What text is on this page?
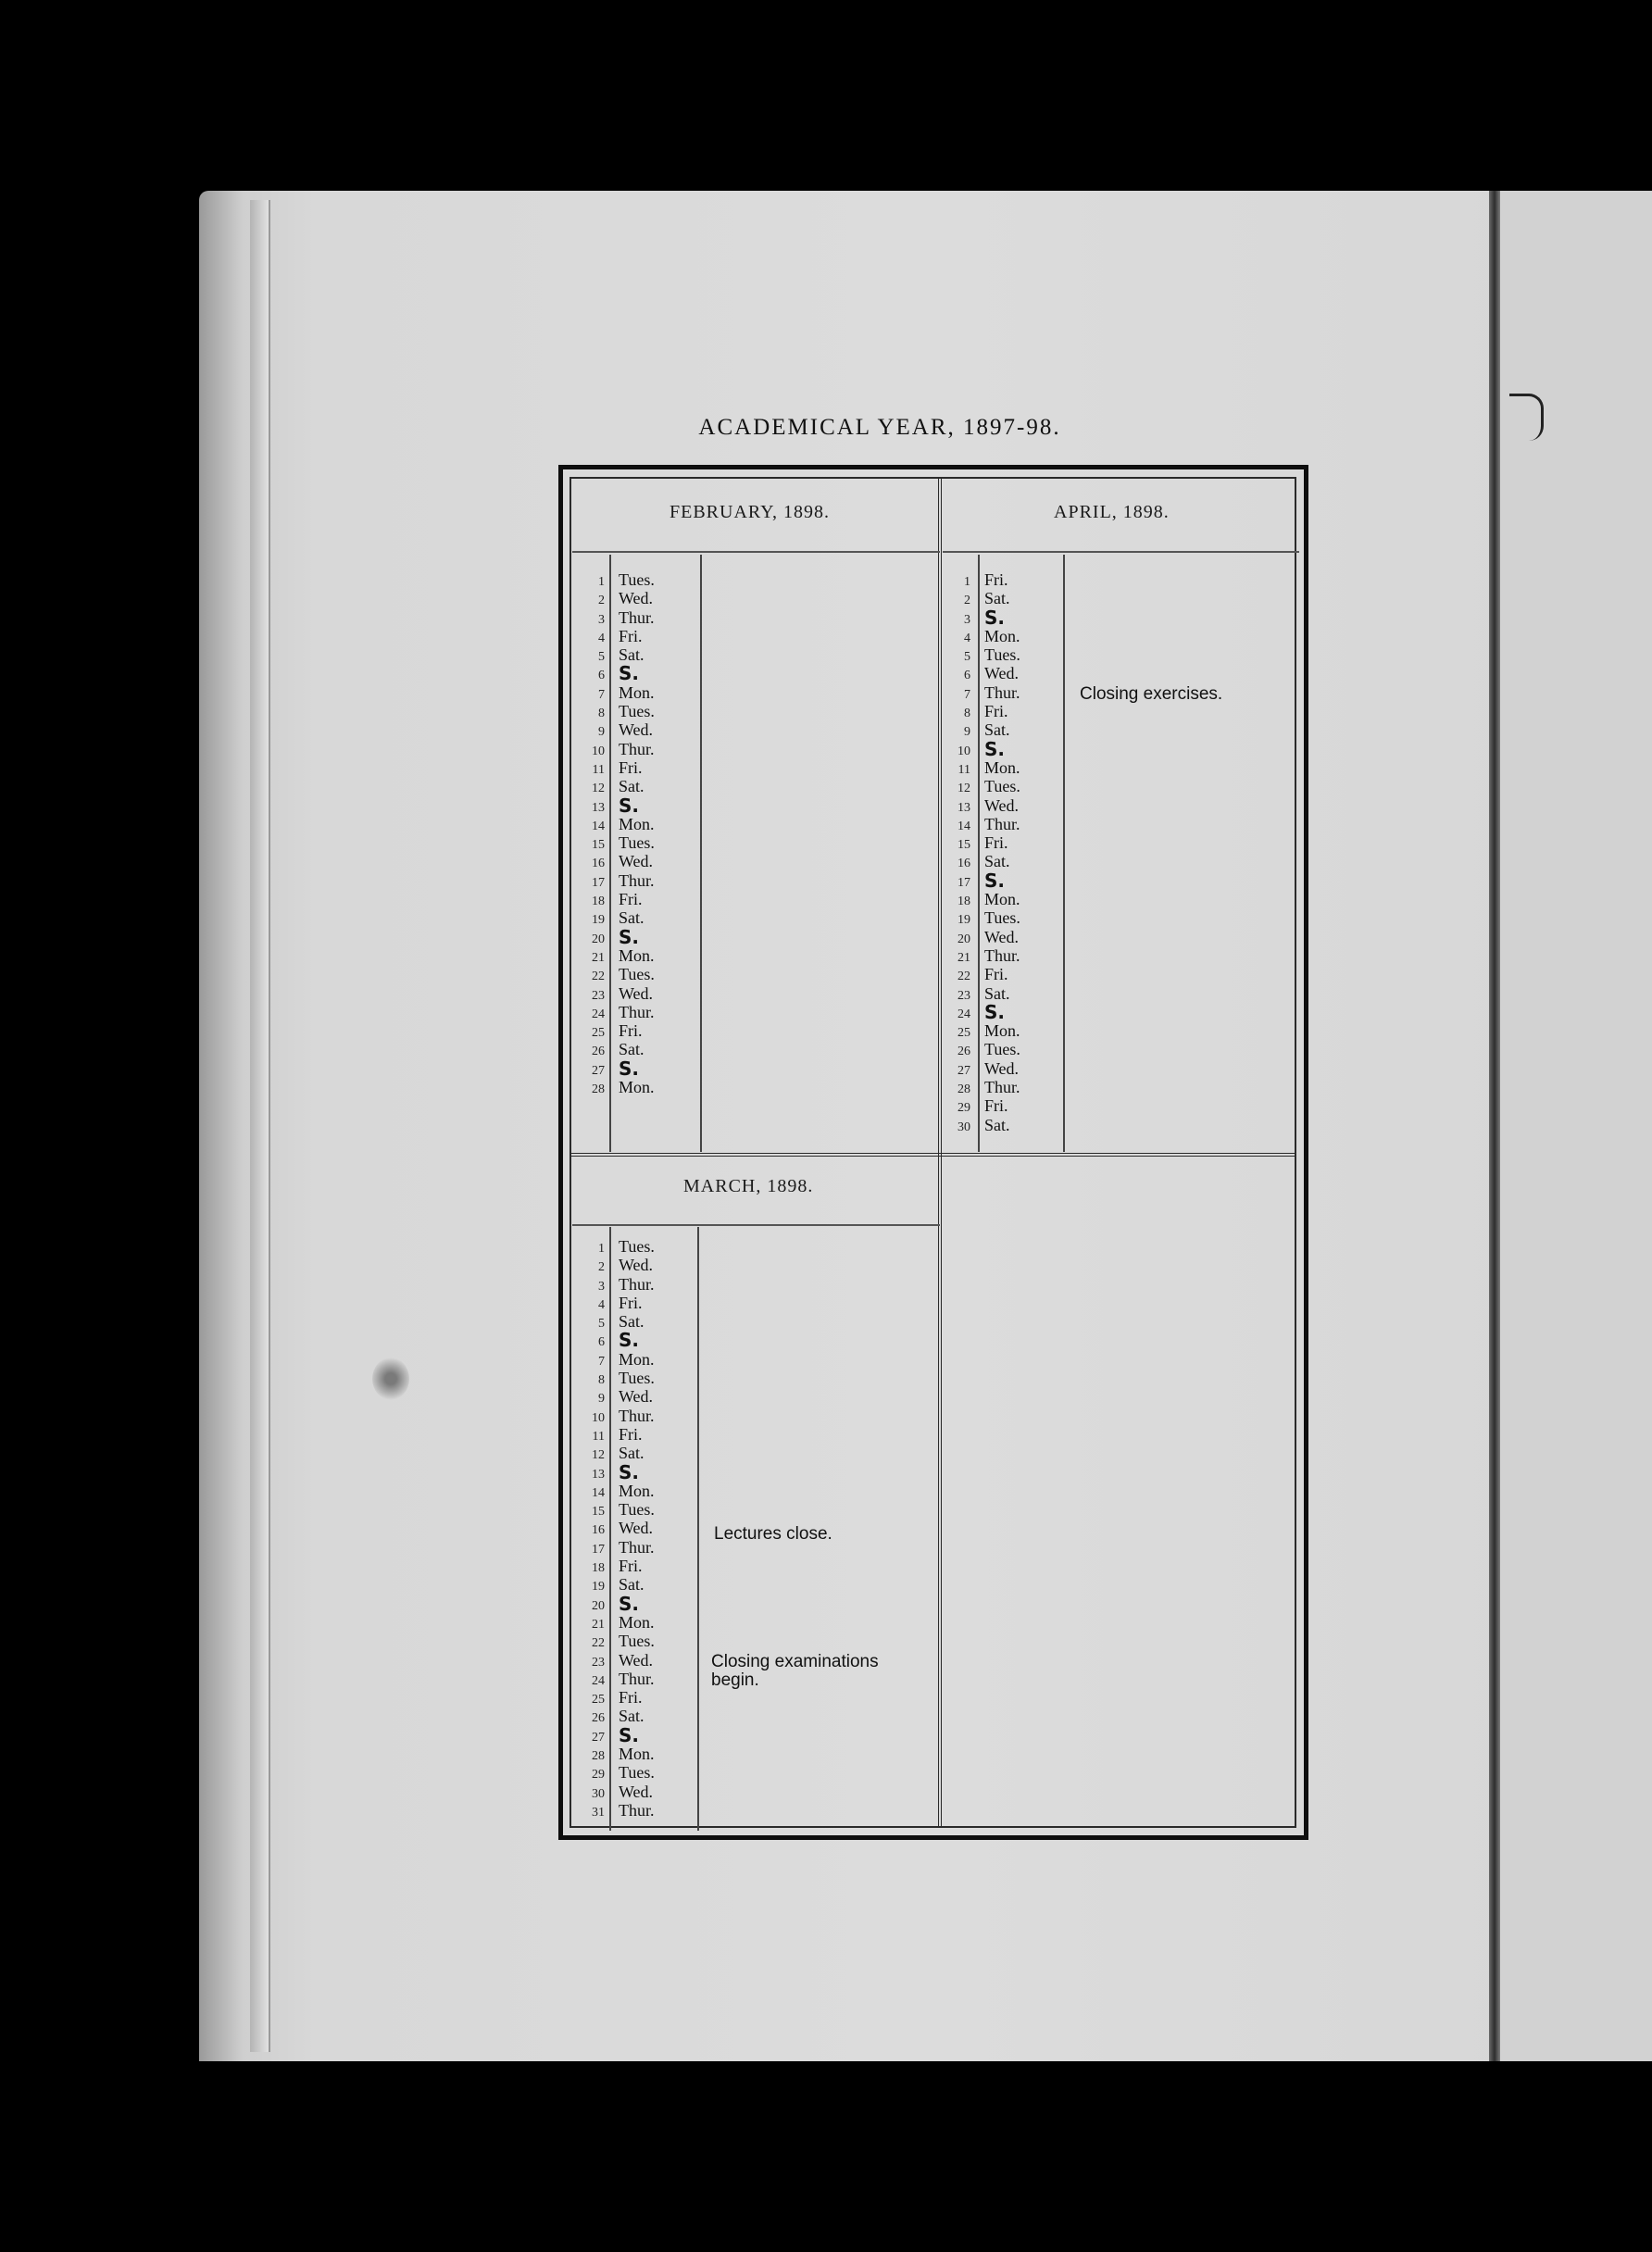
ACADEMICAL YEAR, 1897-98.
FEBRUARY, 1898.
1 Tues.
2 Wed.
3 Thur.
4 Fri.
5 Sat.
6 S.
7 Mon.
8 Tues.
9 Wed.
10 Thur.
11 Fri.
12 Sat.
13 S.
14 Mon.
15 Tues.
16 Wed.
17 Thur.
18 Fri.
19 Sat.
20 S.
21 Mon.
22 Tues.
23 Wed.
24 Thur.
25 Fri.
26 Sat.
27 S.
28 Mon.
APRIL, 1898.
1 Fri.
2 Sat.
3 S.
4 Mon.
5 Tues.
6 Wed.
7 Thur.
8 Fri.
9 Sat.
10 S.
11 Mon.
12 Tues.
13 Wed.
14 Thur.
15 Fri.
16 Sat.
17 S.
18 Mon.
19 Tues.
20 Wed.
21 Thur.
22 Fri.
23 Sat.
24 S.
25 Mon.
26 Tues.
27 Wed.
28 Thur.
29 Fri.
30 Sat.
Closing exercises.
MARCH, 1898.
1 Tues.
2 Wed.
3 Thur.
4 Fri.
5 Sat.
6 S.
7 Mon.
8 Tues.
9 Wed.
10 Thur.
11 Fri.
12 Sat.
13 S.
14 Mon.
15 Tues.
16 Wed.
17 Thur.
18 Fri.
19 Sat.
20 S.
21 Mon.
22 Tues.
23 Wed.
24 Thur.
25 Fri.
26 Sat.
27 S.
28 Mon.
29 Tues.
30 Wed.
31 Thur.
Lectures close.
Closing examinations
begin.
